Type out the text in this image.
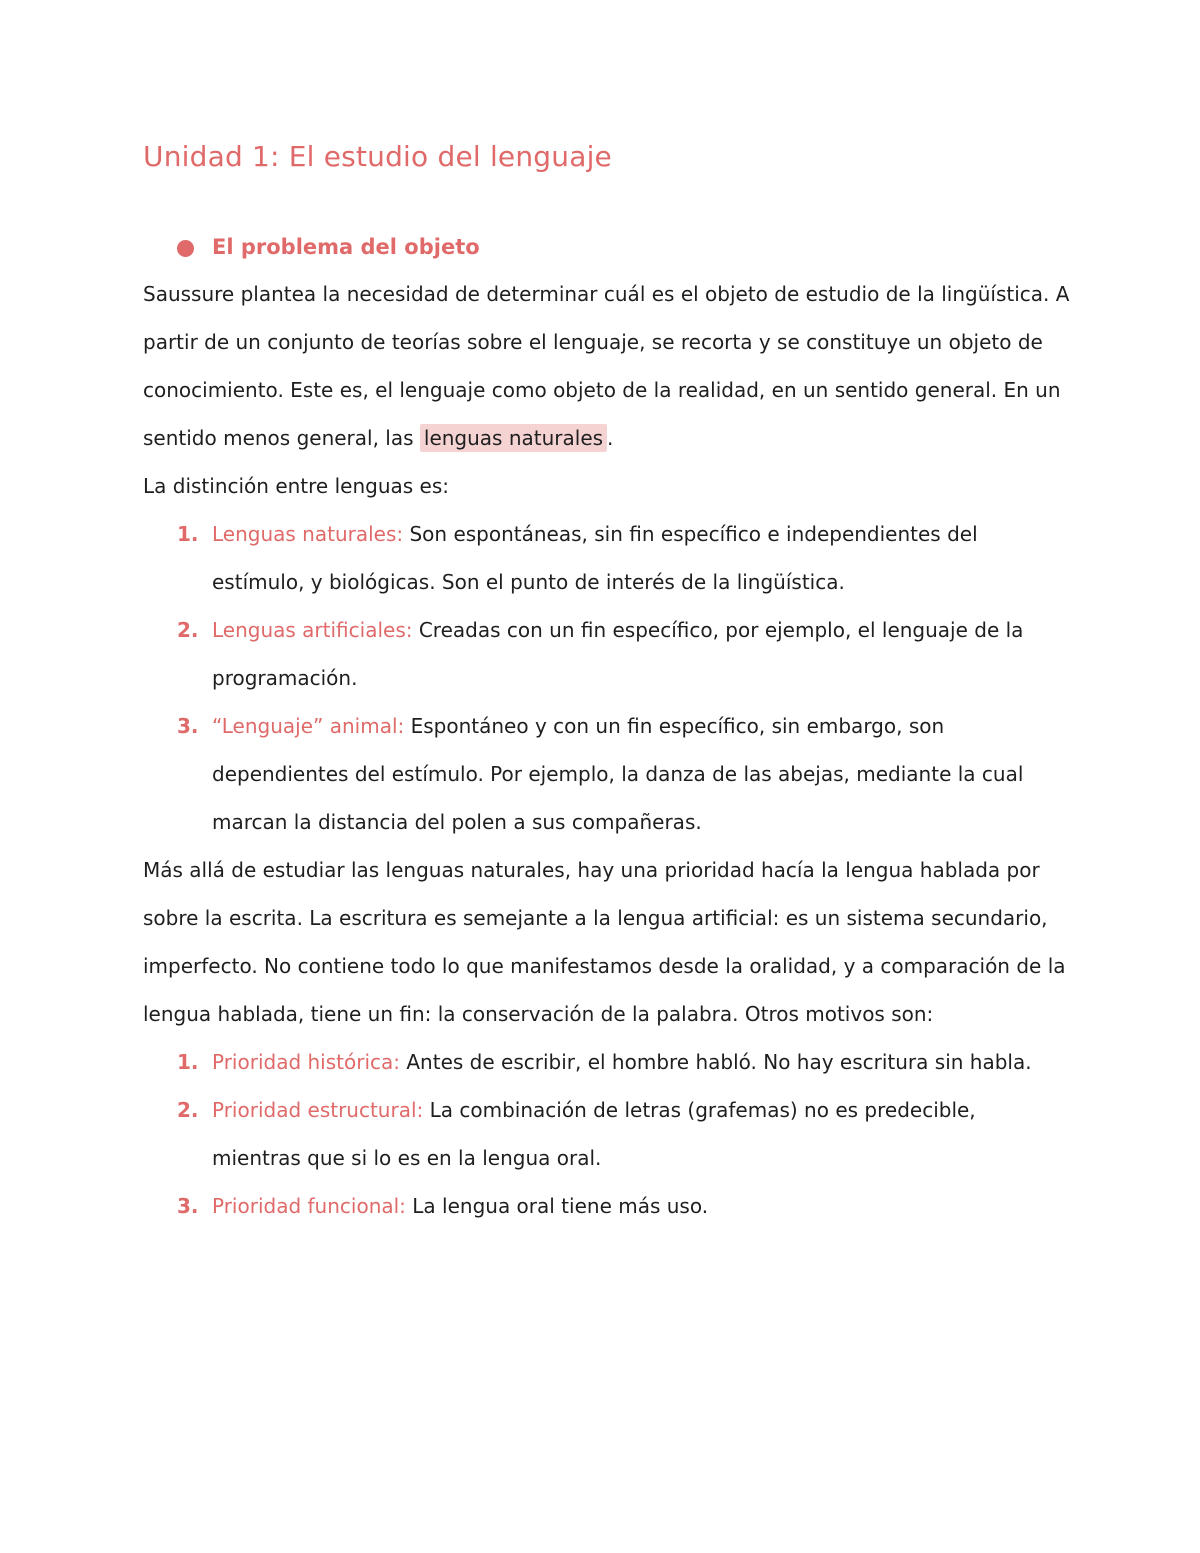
Unidad 1: El estudio del lenguaje
El problema del objeto

Saussure plantea la necesidad de determinar cuál es el objeto de estudio de la lingüística. A partir de un conjunto de teorías sobre el lenguaje, se recorta y se constituye un objeto de conocimiento. Este es, el lenguaje como objeto de la realidad, en un sentido general. En un sentido menos general, las lenguas naturales .

La distinción entre lenguas es:
1. Lenguas naturales: Son espontáneas, sin fin específico e independientes del estímulo, y biológicas. Son el punto de interés de la lingüística.
2. Lenguas artificiales: Creadas con un fin específico, por ejemplo, el lenguaje de la programación.
3. “Lenguaje” animal: Espontáneo y con un fin específico, sin embargo, son dependientes del estímulo. Por ejemplo, la danza de las abejas, mediante la cual marcan la distancia del polen a sus compañeras.

Más allá de estudiar las lenguas naturales, hay una prioridad hacía la lengua hablada por sobre la escrita. La escritura es semejante a la lengua artificial: es un sistema secundario, imperfecto. No contiene todo lo que manifestamos desde la oralidad, y a comparación de la lengua hablada, tiene un fin: la conservación de la palabra. Otros motivos son:

1. Prioridad histórica: Antes de escribir, el hombre habló. No hay escritura sin habla.
2. Prioridad estructural: La combinación de letras (grafemas) no es predecible, mientras que si lo es en la lengua oral.
3. Prioridad funcional: La lengua oral tiene más uso.
